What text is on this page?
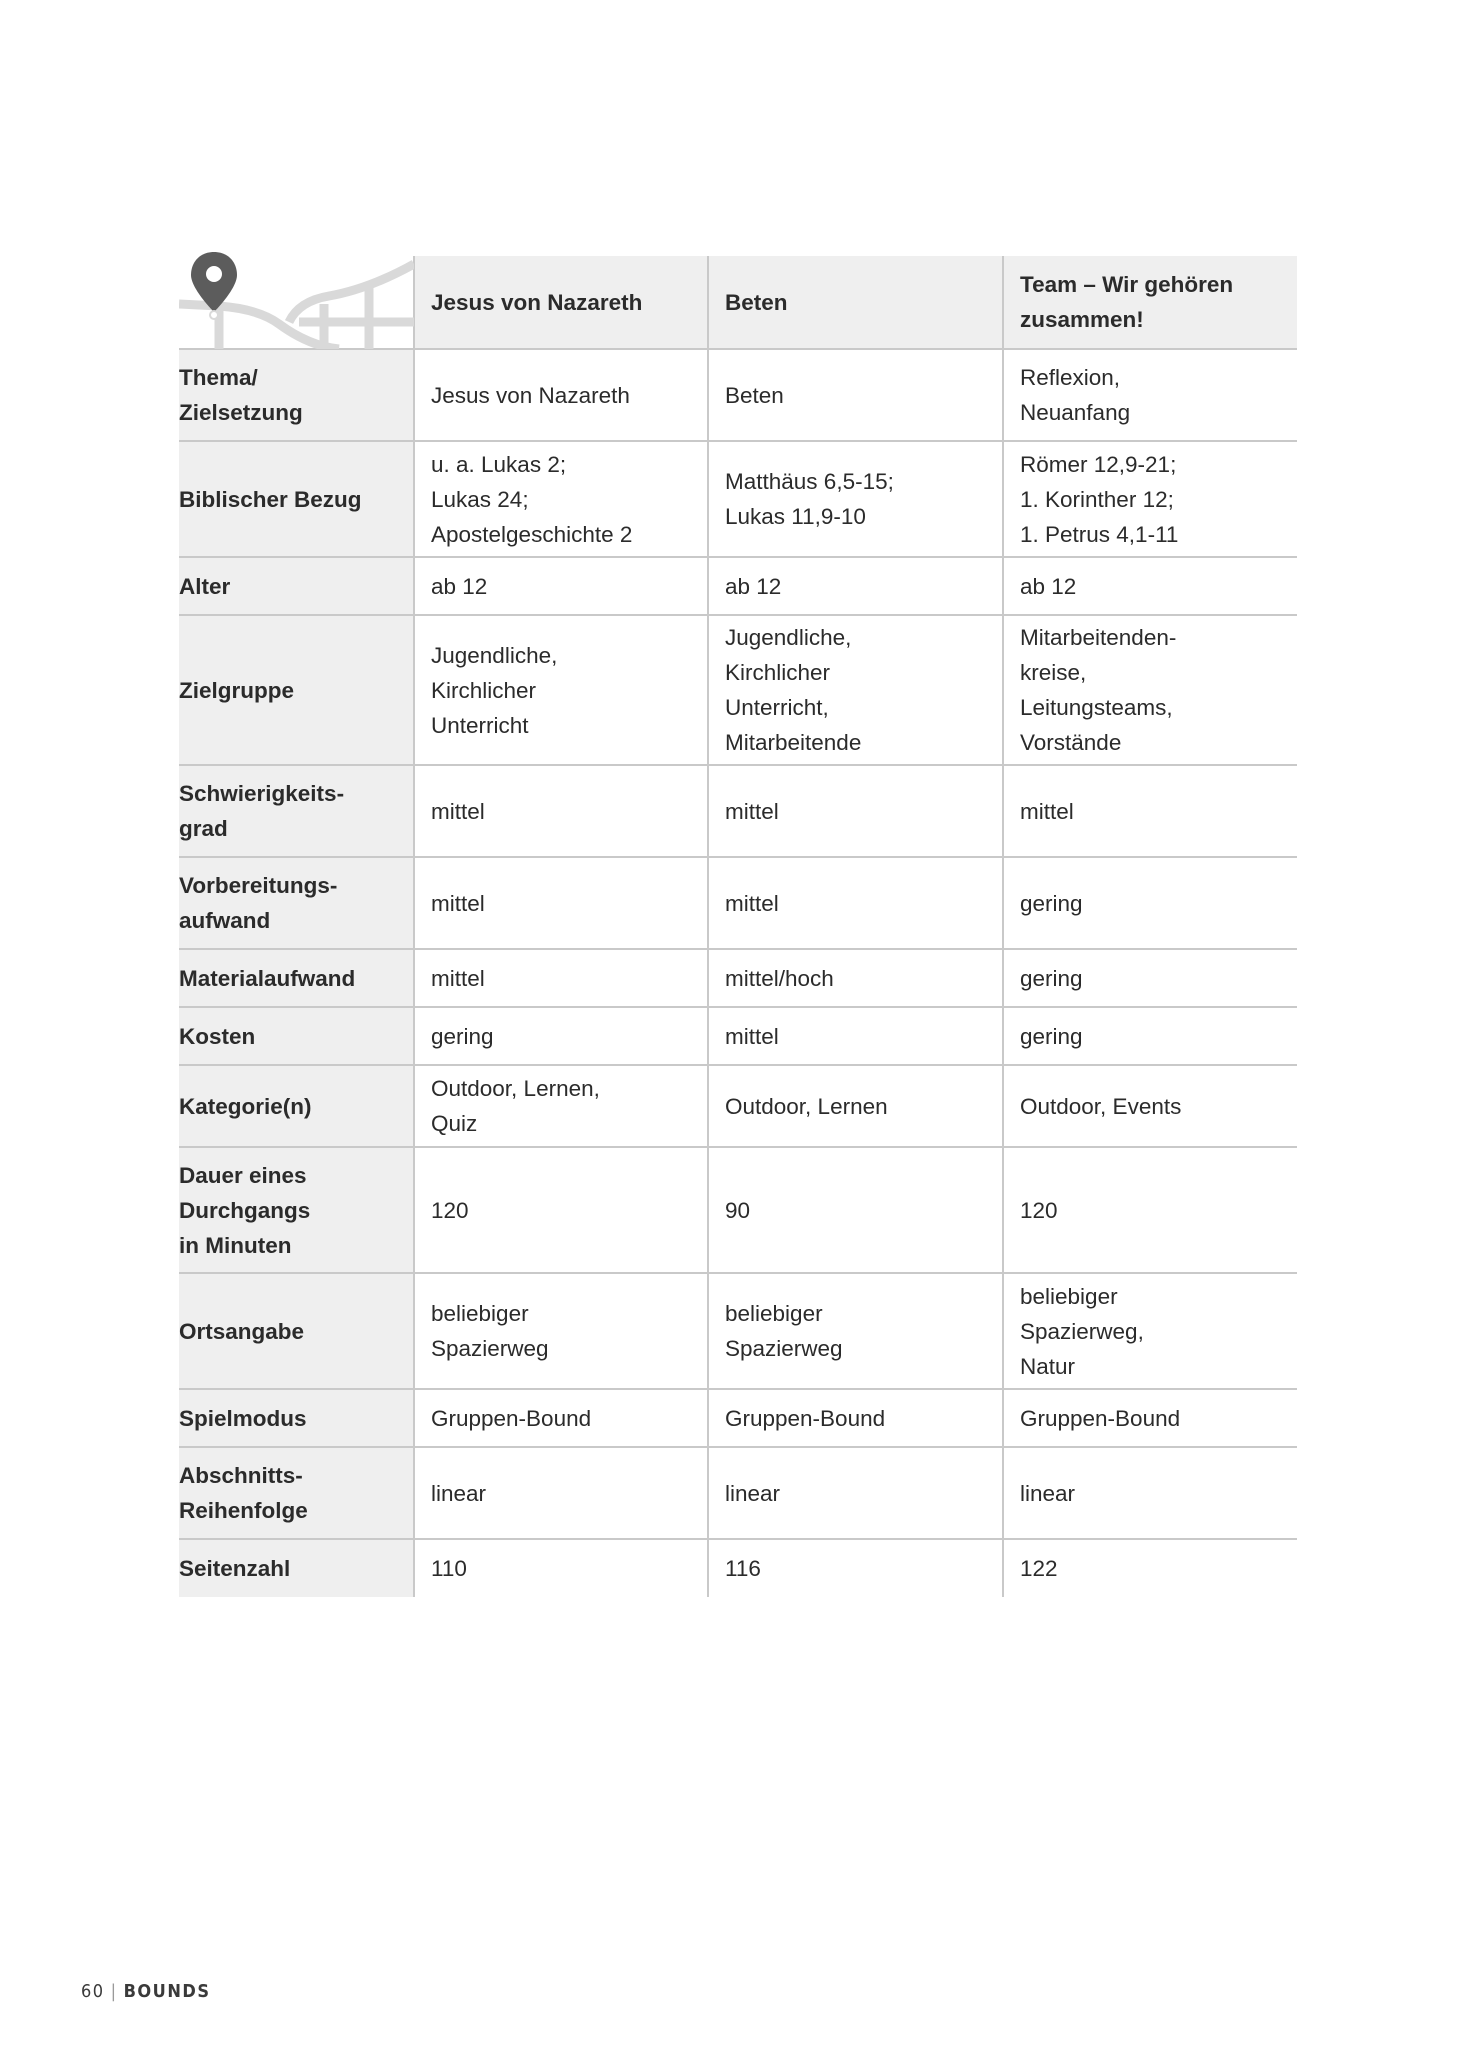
	Jesus von Nazareth	Beten	Team – Wir gehören
zusammen!
Thema/
Zielsetzung	Jesus von Nazareth	Beten	Reflexion,
Neuanfang
Biblischer Bezug	u. a. Lukas 2;
Lukas 24;
Apostelgeschichte 2	Matthäus 6,5-15;
Lukas 11,9-10	Römer 12,9-21;
1. Korinther 12;
1. Petrus 4,1-11
Alter	ab 12	ab 12	ab 12
Zielgruppe	Jugendliche,
Kirchlicher
Unterricht	Jugendliche,
Kirchlicher
Unterricht,
Mitarbeitende	Mitarbeitenden-
kreise,
Leitungsteams,
Vorstände
Schwierigkeits-
grad	mittel	mittel	mittel
Vorbereitungs-
aufwand	mittel	mittel	gering
Materialaufwand	mittel	mittel/hoch	gering
Kosten	gering	mittel	gering
Kategorie(n)	Outdoor, Lernen,
Quiz	Outdoor, Lernen	Outdoor, Events
Dauer eines
Durchgangs
in Minuten	120	90	120
Ortsangabe	beliebiger
Spazierweg	beliebiger
Spazierweg	beliebiger
Spazierweg,
Natur
Spielmodus	Gruppen-Bound	Gruppen-Bound	Gruppen-Bound
Abschnitts-
Reihenfolge	linear	linear	linear
Seitenzahl	110	116	122
60 | BOUNDS
